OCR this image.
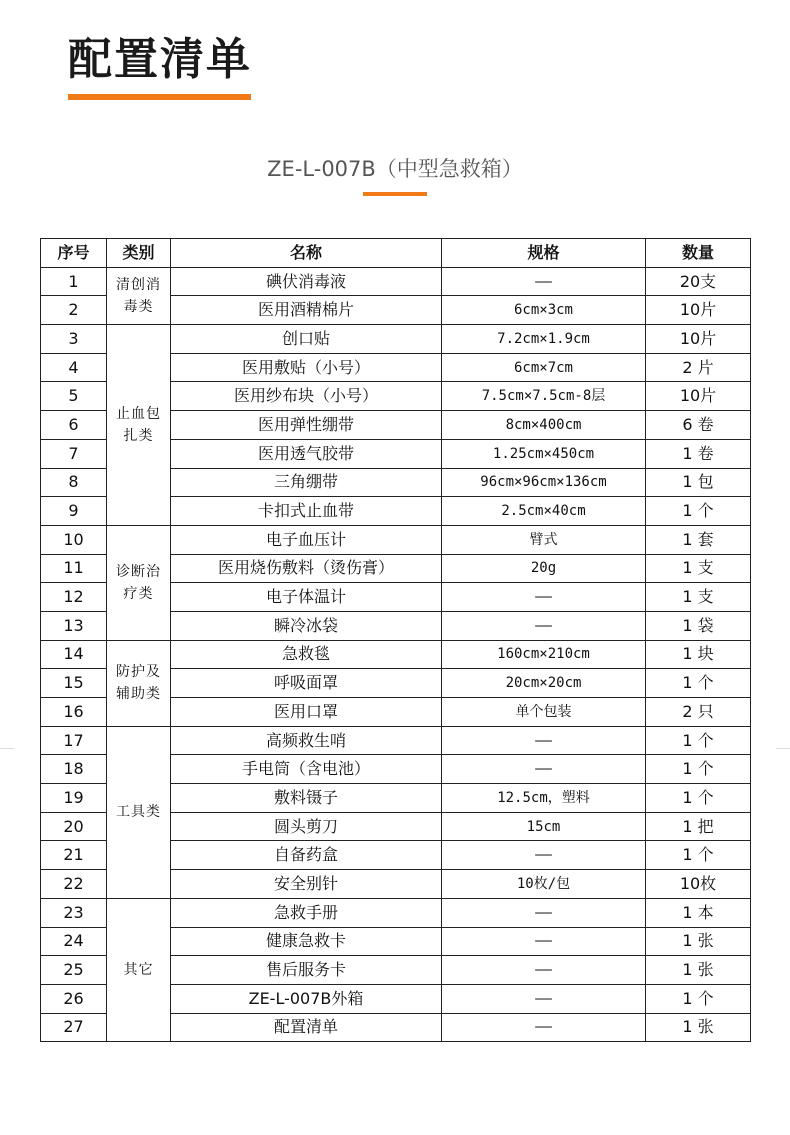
配置清单
ZE-L-007B（中型急救箱）
序号	类别	名称	规格	数量
1	清创消毒类	碘伏消毒液	——	20支
2		医用酒精棉片	6cm×3cm	10片
3	止血包扎类	创口贴	7.2cm×1.9cm	10片
4		医用敷贴（小号）	6cm×7cm	2 片
5		医用纱布块（小号）	7.5cm×7.5cm-8层	10片
6		医用弹性绷带	8cm×400cm	6 卷
7		医用透气胶带	1.25cm×450cm	1 卷
8		三角绷带	96cm×96cm×136cm	1 包
9		卡扣式止血带	2.5cm×40cm	1 个
10	诊断治疗类	电子血压计	臂式	1 套
11		医用烧伤敷料（烫伤膏）	20g	1 支
12		电子体温计	——	1 支
13		瞬冷冰袋	——	1 袋
14	防护及辅助类	急救毯	160cm×210cm	1 块
15		呼吸面罩	20cm×20cm	1 个
16		医用口罩	单个包装	2 只
17	工具类	高频救生哨	——	1 个
18		手电筒（含电池）	——	1 个
19		敷料镊子	12.5cm，塑料	1 个
20		圆头剪刀	15cm	1 把
21		自备药盒	——	1 个
22		安全别针	10枚/包	10枚
23	其它	急救手册	——	1 本
24		健康急救卡	——	1 张
25		售后服务卡	——	1 张
26		ZE-L-007B外箱	——	1 个
27		配置清单	——	1 张
